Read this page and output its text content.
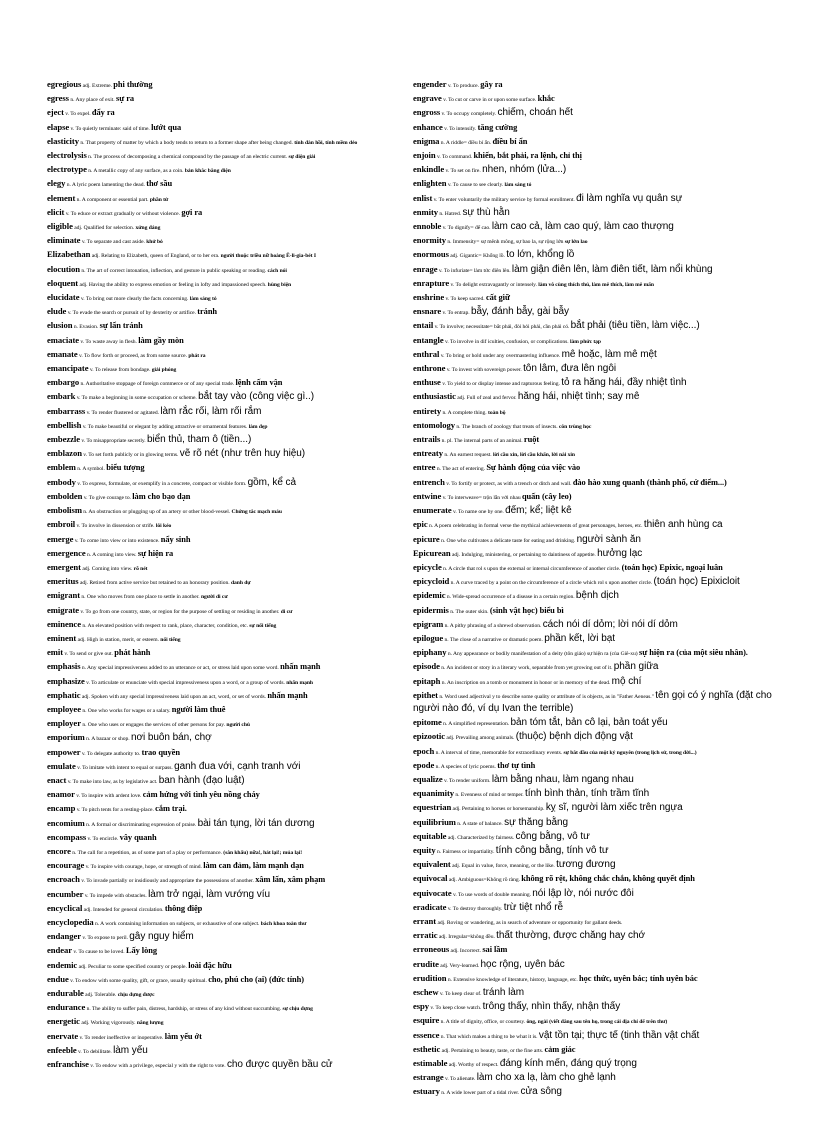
egregious adj. Extreme. phi thường

egress n. Any place of exit. sự ra

eject v. To expel. đẩy ra

elapse v. To quietly terminate: said of time. lướt qua

elasticity n. That property of matter by which a body tends to return to a former shape after being changed. tính đàn hồi, tính mềm dẻo

electrolysis n. The process of decomposing a chemical compound by the passage of an electric current. sự điện giải

electrotype n. A metallic copy of any surface, as a coin. bản khắc bằng điện

elegy n. A lyric poem lamenting the dead. thơ sầu

element n. A component or essential part. phần tử

elicit v. To educe or extract gradually or without violence. gợi ra

eligible adj. Qualified for selection. xứng đáng

eliminate v. To separate and cast aside. khử bỏ

Elizabethan adj. Relating to Elizabeth, queen of England, or to her era. người thuộc triều nữ hoàng Ê-li-gia-bét I

elocution n. The art of correct intonation, inflection, and gesture in public speaking or reading. cách nói

eloquent adj. Having the ability to express emotion or feeling in lofty and impassioned speech. hùng biện

elucidate v. To bring out more clearly the facts concerning. làm sáng tỏ

elude v. To evade the search or pursuit of by dexterity or artifice. tránh

elusion n. Evasion. sự lẩn tránh

emaciate v. To waste away in flesh. làm gầy mòn

emanate v. To flow forth or proceed, as from some source. phát ra

emancipate v. To release from bondage. giải phóng

embargo n. Authoritative stoppage of foreign commerce or of any special trade. lệnh cấm vận

embark v. To make a beginning in some occupation or scheme. bắt tay vào (công việc gì..)

embarrass v. To render flustered or agitated. làm rắc rối, làm rối rắm

embellish v. To make beautiful or elegant by adding attractive or ornamental features. làm đẹp

embezzle v. To misappropriate secretly. biển thủ, tham ô (tiền...)

emblazon v. To set forth publicly or in glowing terms. vẽ rõ nét (như trên huy hiệu)

emblem n. A symbol. biểu tượng

embody v. To express, formulate, or exemplify in a concrete, compact or visible form. gồm, kể cả

embolden v. To give courage to. làm cho bạo dạn

embolism n. An obstruction or plugging up of an artery or other blood-vessel. Chứng tắc mạch máu

embroil v. To involve in dissension or strife. lôi kéo

emerge v. To come into view or into existence. nẩy sinh

emergence n. A coming into view. sự hiện ra

emergent adj. Coming into view. rõ nét

emeritus adj. Retired from active service but retained to an honorary position. danh dự

emigrant n. One who moves from one place to settle in another. người di cư

emigrate v. To go from one country, state, or region for the purpose of settling or residing in another. di cư

eminence n. An elevated position with respect to rank, place, character, condition, etc. sự nổi tiếng

eminent adj. High in station, merit, or esteem. nổi tiếng

emit v. To send or give out. phát hành

emphasis n. Any special impressiveness added to an utterance or act, or stress laid upon some word. nhấn mạnh

emphasize v. To articulate or enunciate with special impressiveness upon a word, or a group of words. nhấn mạnh

emphatic adj. Spoken with any special impressiveness laid upon an act, word, or set of words. nhấn mạnh

employee n. One who works for wages or a salary. người làm thuê

employer n. One who uses or engages the services of other persons for pay. người chủ

emporium n. A bazaar or shop. nơi buôn bán, chợ

empower v. To delegate authority to. trao quyền

emulate v. To imitate with intent to equal or surpass. ganh đua với, cạnh tranh với

enact v. To make into law, as by legislative act. ban hành (đạo luật)

enamor v. To inspire with ardent love. cảm hứng với tình yêu nồng cháy

encamp v. To pitch tents for a resting-place. cắm trại.

encomium n. A formal or discriminating expression of praise. bài tán tụng, lời tán dương

encompass v. To encircle. vây quanh

encore n. The call for a repetition, as of some part of a play or performance. (sân khấu) nữa!, hát lại!; múa lại!

encourage v. To inspire with courage, hope, or strength of mind. làm can đảm, làm mạnh dạn

encroach v. To invade partially or insidiously and appropriate the possessions of another. xâm lấn, xâm phạm

encumber v. To impede with obstacles. làm trở ngại, làm vướng víu

encyclical adj. Intended for general circulation. thông điệp

encyclopedia n. A work containing information on subjects, or exhaustive of one subject. bách khoa toàn thư

endanger v. To expose to peril. gây nguy hiểm

endear v. To cause to be loved. Lấy lòng

endemic adj. Peculiar to some specified country or people. loài đặc hữu

endue v. To endow with some quality, gift, or grace, usually spiritual. cho, phú cho (ai) (đức tính)

endurable adj. Tolerable. chịu đựng được

endurance n. The ability to suffer pain, distress, hardship, or stress of any kind without succumbing. sự chịu đựng

energetic adj. Working vigorously. năng lượng

enervate v. To render ineffective or inoperative. làm yếu ớt

enfeeble v. To debilitate. làm yếu

enfranchise v. To endow with a privilege, especial y with the right to vote. cho được quyền bầu cử

engender v. To produce. gây ra

engrave v. To cut or carve in or upon some surface. khắc

engross v. To occupy completely. chiếm, choán hết

enhance v. To intensify. tăng cường

enigma n. A riddle= điều bí ẩn. điều bí ẩn

enjoin v. To command. khiến, bắt phải, ra lệnh, chỉ thị

enkindle v. To set on fire. nhen, nhóm (lửa...)

enlighten v. To cause to see clearly. làm sáng tỏ

enlist v. To enter voluntarily the military service by formal enrollment. đi làm nghĩa vụ quân sự

enmity n. Hatred. sự thù hằn

ennoble v. To dignify= để cao. làm cao cả, làm cao quý, làm cao thượng

enormity n. Immensity= sự mênh mông, sự bao la, sự rộng lớn sự lớn lao

enormous adj. Gigantic= Khổng lồ. to lớn, khổng lồ

enrage v. To infuriate= làm tức điên lên. làm giận điên lên, làm điên tiết, làm nổi khùng

enrapture v. To delight extravagantly or intensely. làm vô cùng thích thú, làm mê thích, làm mê mẩn

enshrine v. To keep sacred. cất giữ

ensnare v. To entrap. bẫy, đánh bẫy, gài bẫy

entail v. To involve; necessitate= bắt phải, đòi hỏi phải, cần phải có. bắt phải (tiêu tiền, làm việc...)

entangle v. To involve in dif iculties, confusion, or complications. làm phức tạp

enthral v. To bring or hold under any overmastering influence. mê hoặc, làm mê mệt

enthrone v. To invest with sovereign power. tôn lâm, đưa lên ngôi

enthuse v. To yield to or display intense and rapturous feeling. tỏ ra hăng hái, đầy nhiệt tình

enthusiastic adj. Full of zeal and fervor. hăng hái, nhiệt tình; say mê

entirety n. A complete thing. toàn bộ

entomology n. The branch of zoology that treats of insects. côn trùng học

entrails n. pl. The internal parts of an animal. ruột

entreaty n. An earnest request. lời cầu xin, lời cầu khẩn, lời nài xin

entree n. The act of entering. Sự hành động của việc vào

entrench v. To fortify or protect, as with a trench or ditch and wall. đào hào xung quanh (thành phố, cứ điểm...)

entwine v. To interweave= trộn lẫn với nhau quấn (cây leo)

enumerate v. To name one by one. đếm; kể; liệt kê

epic n. A poem celebrating in formal verse the mythical achievements of great personages, heroes, etc. thiên anh hùng ca

epicure n. One who cultivates a delicate taste for eating and drinking. người sành ăn

Epicurean adj. Indulging, ministering, or pertaining to daintiness of appetite. hưởng lạc

epicycle n. A circle that rol s upon the external or internal circumference of another circle. (toán học) Epixic, ngoại luân

epicycloid n. A curve traced by a point on the circumference of a circle which rol s upon another circle. (toán học) Epixicloit

epidemic n. Wide-spread occurrence of a disease in a certain region. bệnh dịch

epidermis n. The outer skin. (sinh vật học) biểu bì

epigram n. A pithy phrasing of a shrewd observation. cách nói dí dỏm; lời nói dí dỏm

epilogue n. The close of a narrative or dramatic poem. phần kết, lời bạt

epiphany n. Any appearance or bodily manifestation of a deity (tôn giáo) sự hiện ra (của Giê-xu) sự hiện ra (của một siêu nhân).

episode n. An incident or story in a literary work, separable from yet growing out of it. phần giữa

epitaph n. An inscription on a tomb or monument in honor or in memory of the dead. mộ chí

epithet n. Word used adjectival y to describe some quality or attribute of is objects, as in "Father Aeneas." tên gọi có ý nghĩa (đặt cho người nào đó, ví dụ Ivan the terrible)

epitome n. A simplified representation. bản tóm tắt, bản cô lại, bản toát yếu

epizootic adj. Prevailing among animals. (thuộc) bệnh dịch động vật

epoch n. A interval of time, memorable for extraordinary events. sự bắt đầu của một kỷ nguyên (trong lịch sử, trong đời...)

epode n. A species of lyric poems. thơ tự tình

equalize v. To render uniform. làm bằng nhau, làm ngang nhau

equanimity n. Evenness of mind or temper. tính bình thản, tính trầm tĩnh

equestrian adj. Pertaining to horses or horsemanship. kỵ sĩ, người làm xiếc trên ngựa

equilibrium n. A state of balance. sự thăng bằng

equitable adj. Characterized by fairness. công bằng, vô tư

equity n. Fairness or impartiality. tính công bằng, tính vô tư

equivalent adj. Equal in value, force, meaning, or the like. tương đương

equivocal adj. Ambiguous=Không rõ ràng. không rõ rệt, không chắc chắn, không quyết định

equivocate v. To use words of double meaning. nói lập lờ, nói nước đôi

eradicate v. To destroy thoroughly. trừ tiệt nhổ rễ

errant adj. Roving or wandering, as in search of adventure or opportunity for gallant deeds.

erratic adj. Irregular=không đều. thất thường, được chăng hay chớ

erroneous adj. Incorrect. sai lầm

erudite adj. Very-learned. học rộng, uyên bác

erudition n. Extensive knowledge of literature, history, language, etc. học thức, uyên bác; tính uyên bác

eschew v. To keep clear of. tránh làm

espy v. To keep close watch. trông thấy, nhìn thấy, nhận thấy

esquire n. A title of dignity, office, or courtesy. ông, ngài (viết đằng sau tên họ, trong cái địa chỉ để trên thư)

essence n. That which makes a thing to be what it is. vật tồn tại; thực tế (tinh thần vật chất

esthetic adj. Pertaining to beauty, taste, or the fine arts. cảm giác

estimable adj. Worthy of respect. đáng kính mến, đáng quý trọng

estrange v. To alienate. làm cho xa lạ, làm cho ghẻ lạnh

estuary n. A wide lower part of a tidal river. cửa sông
